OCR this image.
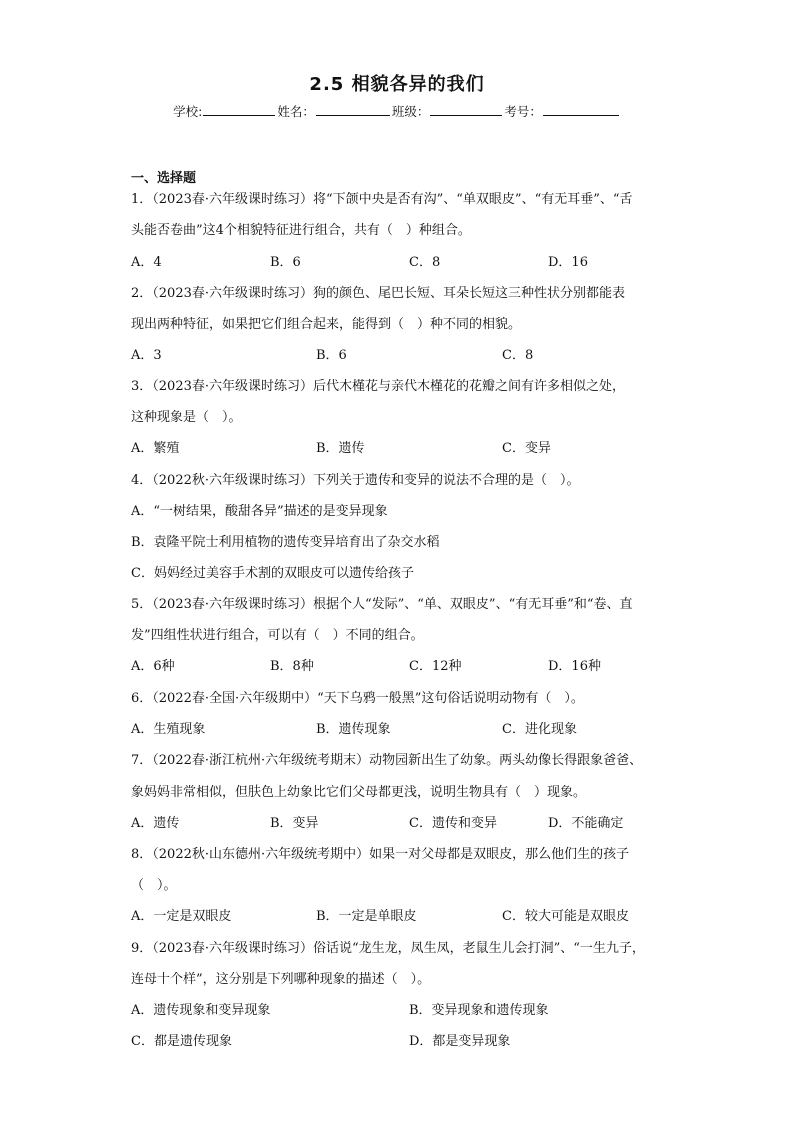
2.5 相貌各异的我们
学校:	姓名：	班级：	考号：
一、选择题
1．（2023春·六年级课时练习）将“下颌中央是否有沟”、“单双眼皮”、“有无耳垂”、“舌
头能否卷曲”这4个相貌特征进行组合，共有（　）种组合。
A．4	B．6	C．8	D．16
2．（2023春·六年级课时练习）狗的颜色、尾巴长短、耳朵长短这三种性状分别都能表
现出两种特征，如果把它们组合起来，能得到（　）种不同的相貌。
A．3	B．6	C．8
3．（2023春·六年级课时练习）后代木槿花与亲代木槿花的花瓣之间有许多相似之处，
这种现象是（　）。
A．繁殖	B．遗传	C．变异
4．（2022秋·六年级课时练习）下列关于遗传和变异的说法不合理的是（　）。
A．“一树结果，酸甜各异”描述的是变异现象
B．袁隆平院士利用植物的遗传变异培育出了杂交水稻
C．妈妈经过美容手术割的双眼皮可以遗传给孩子
5．（2023春·六年级课时练习）根据个人“发际”、“单、双眼皮”、“有无耳垂”和“卷、直
发”四组性状进行组合，可以有（　）不同的组合。
A．6种	B．8种	C．12种	D．16种
6．（2022春·全国·六年级期中）“天下乌鸦一般黑”这句俗话说明动物有（　）。
A．生殖现象	B．遗传现象	C．进化现象
7．（2022春·浙江杭州·六年级统考期末）动物园新出生了幼象。两头幼像长得跟象爸爸、
象妈妈非常相似，但肤色上幼象比它们父母都更浅，说明生物具有（　）现象。
A．遗传	B．变异	C．遗传和变异	D．不能确定
8．（2022秋·山东德州·六年级统考期中）如果一对父母都是双眼皮，那么他们生的孩子
（　）。
A．一定是双眼皮	B．一定是单眼皮	C．较大可能是双眼皮
9．（2023春·六年级课时练习）俗话说“龙生龙，凤生凤，老鼠生儿会打洞”、“一生九子，
连母十个样”，这分别是下列哪种现象的描述（　）。
A．遗传现象和变异现象	B．变异现象和遗传现象
C．都是遗传现象	D．都是变异现象
